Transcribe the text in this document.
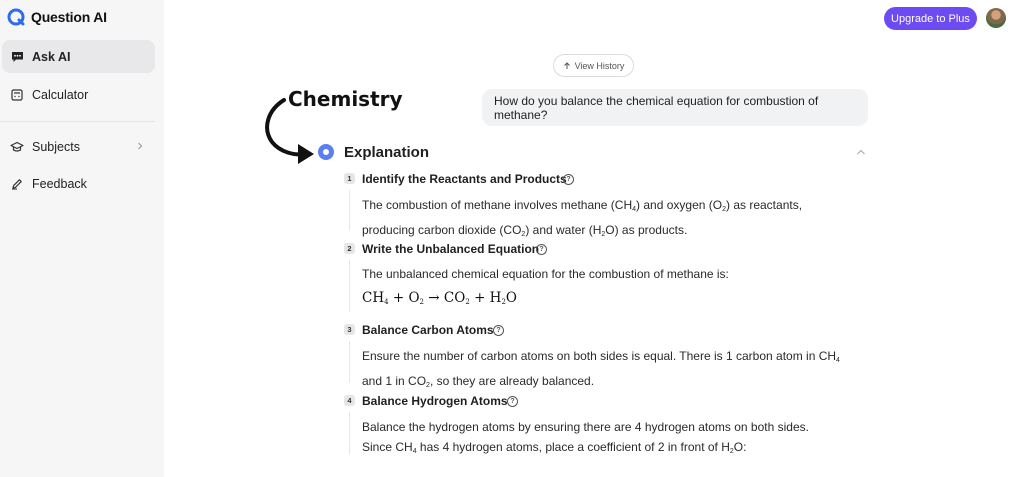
Question AI
Ask AI
Calculator
Subjects
Feedback
Upgrade to Plus
View History
Chemistry	How do you balance the chemical equation for combustion of methane?
Explanation
1 Identify the Reactants and Products ?
The combustion of methane involves methane $(CH_4)$ and oxygen $(O_2)$ as reactants, producing carbon dioxide $(CO_2)$ and water $(H_2O)$ as products.
2 Write the Unbalanced Equation ?
The unbalanced chemical equation for the combustion of methane is:
$CH_4 + O_2 \to CO_2 + H_2O$
3 Balance Carbon Atoms ?
Ensure the number of carbon atoms on both sides is equal. There is 1 carbon atom in $CH_4$ and 1 in $CO_2$, so they are already balanced.
4 Balance Hydrogen Atoms ?
Balance the hydrogen atoms by ensuring there are 4 hydrogen atoms on both sides. Since $CH_4$ has 4 hydrogen atoms, place a coefficient of 2 in front of $H_2O$:
